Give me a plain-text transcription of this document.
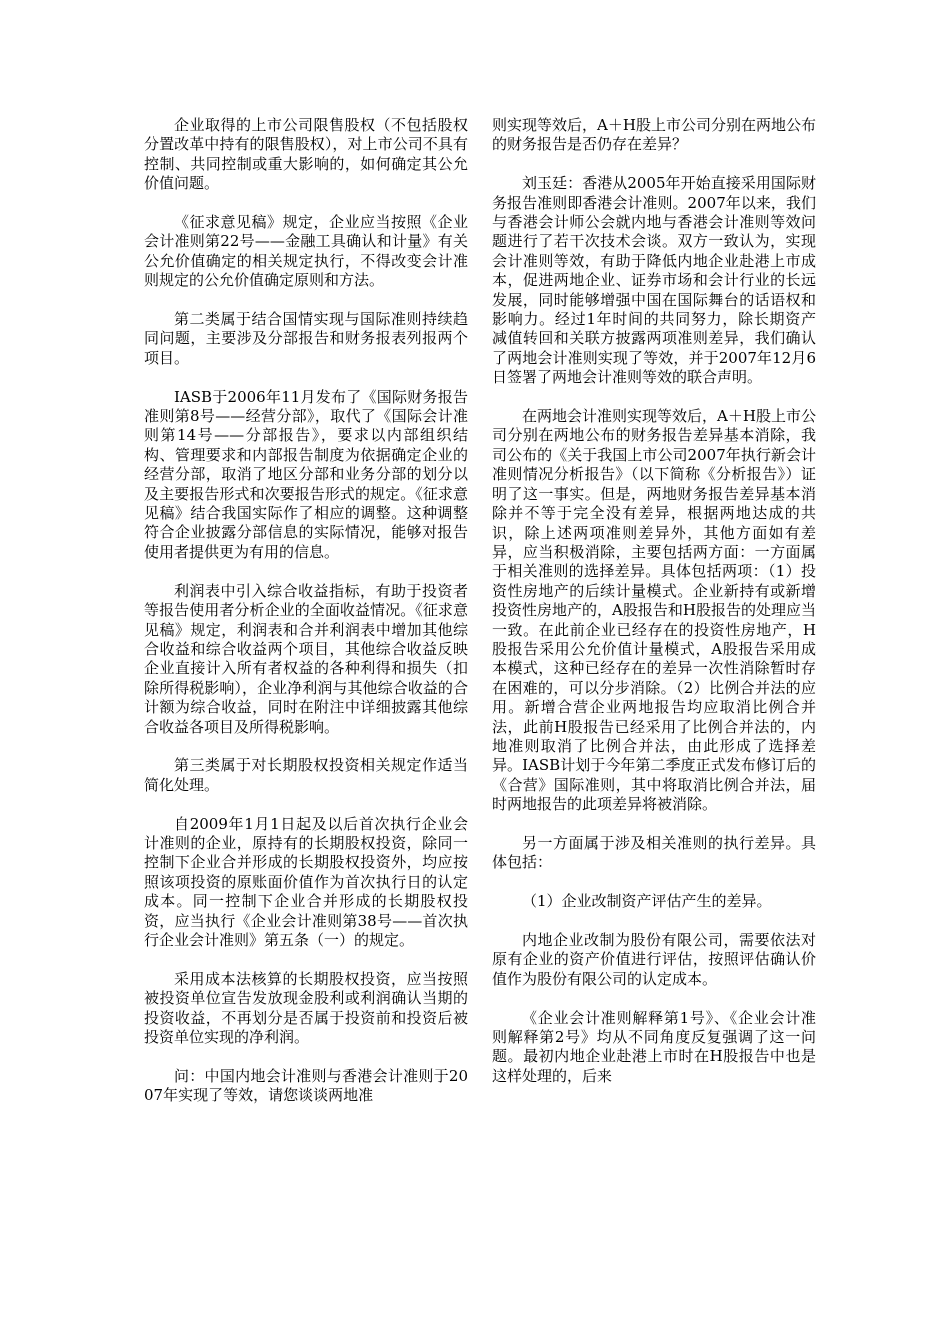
企业取得的上市公司限售股权（不包括股权分置改革中持有的限售股权），对上市公司不具有控制、共同控制或重大影响的，如何确定其公允价值问题。

《征求意见稿》规定，企业应当按照《企业会计准则第22号——金融工具确认和计量》有关公允价值确定的相关规定执行，不得改变会计准则规定的公允价值确定原则和方法。

第二类属于结合国情实现与国际准则持续趋同问题，主要涉及分部报告和财务报表列报两个项目。

IASB于2006年11月发布了《国际财务报告准则第8号——经营分部》，取代了《国际会计准则第14号——分部报告》，要求以内部组织结构、管理要求和内部报告制度为依据确定企业的经营分部，取消了地区分部和业务分部的划分以及主要报告形式和次要报告形式的规定。《征求意见稿》结合我国实际作了相应的调整。这种调整符合企业披露分部信息的实际情况，能够对报告使用者提供更为有用的信息。

利润表中引入综合收益指标，有助于投资者等报告使用者分析企业的全面收益情况。《征求意见稿》规定，利润表和合并利润表中增加其他综合收益和综合收益两个项目，其他综合收益反映企业直接计入所有者权益的各种利得和损失（扣除所得税影响），企业净利润与其他综合收益的合计额为综合收益，同时在附注中详细披露其他综合收益各项目及所得税影响。

第三类属于对长期股权投资相关规定作适当简化处理。

自2009年1月1日起及以后首次执行企业会计准则的企业，原持有的长期股权投资，除同一控制下企业合并形成的长期股权投资外，均应按照该项投资的原账面价值作为首次执行日的认定成本。同一控制下企业合并形成的长期股权投资，应当执行《企业会计准则第38号——首次执行企业会计准则》第五条（一）的规定。

采用成本法核算的长期股权投资，应当按照被投资单位宣告发放现金股利或利润确认当期的投资收益，不再划分是否属于投资前和投资后被投资单位实现的净利润。

问：中国内地会计准则与香港会计准则于2007年实现了等效，请您谈谈两地准

则实现等效后，A＋H股上市公司分别在两地公布的财务报告是否仍存在差异？

刘玉廷：香港从2005年开始直接采用国际财务报告准则即香港会计准则。2007年以来，我们与香港会计师公会就内地与香港会计准则等效问题进行了若干次技术会谈。双方一致认为，实现会计准则等效，有助于降低内地企业赴港上市成本，促进两地企业、证券市场和会计行业的长远发展，同时能够增强中国在国际舞台的话语权和影响力。经过1年时间的共同努力，除长期资产减值转回和关联方披露两项准则差异，我们确认了两地会计准则实现了等效，并于2007年12月6日签署了两地会计准则等效的联合声明。

在两地会计准则实现等效后，A＋H股上市公司分别在两地公布的财务报告差异基本消除，我司公布的《关于我国上市公司2007年执行新会计准则情况分析报告》（以下简称《分析报告》）证明了这一事实。但是，两地财务报告差异基本消除并不等于完全没有差异，根据两地达成的共识，除上述两项准则差异外，其他方面如有差异，应当积极消除，主要包括两方面：一方面属于相关准则的选择差异。具体包括两项：（1）投资性房地产的后续计量模式。企业新持有或新增投资性房地产的，A股报告和H股报告的处理应当一致。在此前企业已经存在的投资性房地产，H股报告采用公允价值计量模式，A股报告采用成本模式，这种已经存在的差异一次性消除暂时存在困难的，可以分步消除。（2）比例合并法的应用。新增合营企业两地报告均应取消比例合并法，此前H股报告已经采用了比例合并法的，内地准则取消了比例合并法，由此形成了选择差异。IASB计划于今年第二季度正式发布修订后的《合营》国际准则，其中将取消比例合并法，届时两地报告的此项差异将被消除。

另一方面属于涉及相关准则的执行差异。具体包括：

（1）企业改制资产评估产生的差异。

内地企业改制为股份有限公司，需要依法对原有企业的资产价值进行评估，按照评估确认价值作为股份有限公司的认定成本。

《企业会计准则解释第1号》、《企业会计准则解释第2号》均从不同角度反复强调了这一问题。最初内地企业赴港上市时在H股报告中也是这样处理的，后来
